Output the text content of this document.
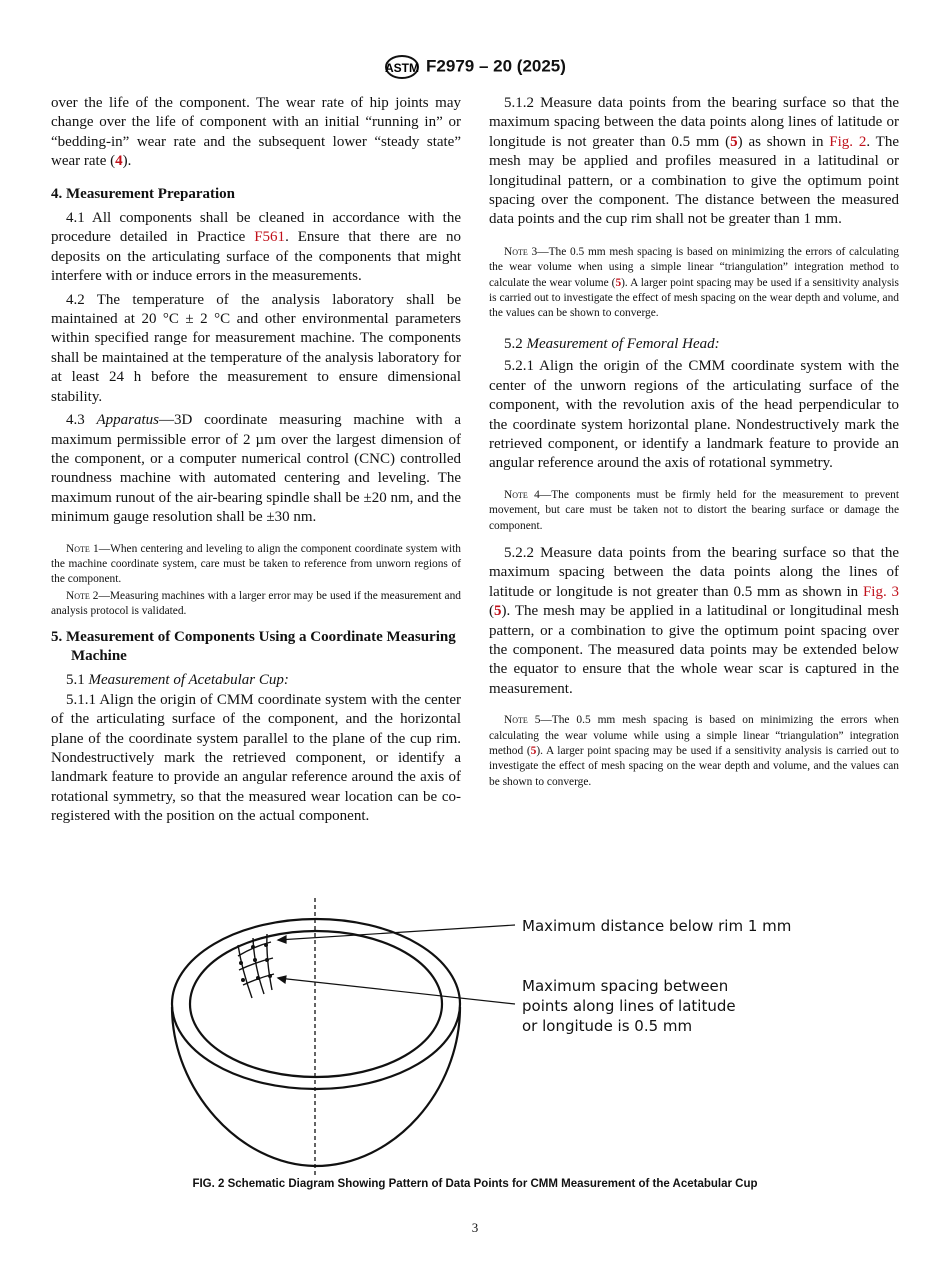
ASTM F2979 – 20 (2025)
over the life of the component. The wear rate of hip joints may change over the life of component with an initial “running in” or “bedding-in” wear rate and the subsequent lower “steady state” wear rate (4).
4. Measurement Preparation
4.1 All components shall be cleaned in accordance with the procedure detailed in Practice F561. Ensure that there are no deposits on the articulating surface of the components that might interfere with or induce errors in the measurements.
4.2 The temperature of the analysis laboratory shall be maintained at 20 °C ± 2 °C and other environmental parameters within specified range for measurement machine. The components shall be maintained at the temperature of the analysis laboratory for at least 24 h before the measurement to ensure dimensional stability.
4.3 Apparatus—3D coordinate measuring machine with a maximum permissible error of 2 µm over the largest dimension of the component, or a computer numerical control (CNC) controlled roundness machine with automated centering and leveling. The maximum runout of the air-bearing spindle shall be ±20 nm, and the minimum gauge resolution shall be ±30 nm.
Note 1—When centering and leveling to align the component coordinate system with the machine coordinate system, care must be taken to reference from unworn regions of the component.
Note 2—Measuring machines with a larger error may be used if the measurement and analysis protocol is validated.
5. Measurement of Components Using a Coordinate Measuring Machine
5.1 Measurement of Acetabular Cup:
5.1.1 Align the origin of CMM coordinate system with the center of the articulating surface of the component, and the horizontal plane of the coordinate system parallel to the plane of the cup rim. Nondestructively mark the retrieved component, or identify a landmark feature to provide an angular reference around the axis of rotational symmetry, so that the measured wear location can be co-registered with the position on the actual component.
5.1.2 Measure data points from the bearing surface so that the maximum spacing between the data points along lines of latitude or longitude is not greater than 0.5 mm (5) as shown in Fig. 2. The mesh may be applied and profiles measured in a latitudinal or longitudinal pattern, or a combination to give the optimum point spacing over the component. The distance between the measured data points and the cup rim shall not be greater than 1 mm.
Note 3—The 0.5 mm mesh spacing is based on minimizing the errors of calculating the wear volume when using a simple linear “triangulation” integration method to calculate the wear volume (5). A larger point spacing may be used if a sensitivity analysis is carried out to investigate the effect of mesh spacing on the wear depth and volume, and the values can be shown to converge.
5.2 Measurement of Femoral Head:
5.2.1 Align the origin of the CMM coordinate system with the center of the unworn regions of the articulating surface of the component, with the revolution axis of the head perpendicular to the coordinate system horizontal plane. Nondestructively mark the retrieved component, or identify a landmark feature to provide an angular reference around the axis of rotational symmetry.
Note 4—The components must be firmly held for the measurement to prevent movement, but care must be taken not to distort the bearing surface or damage the component.
5.2.2 Measure data points from the bearing surface so that the maximum spacing between the data points along the lines of latitude or longitude is not greater than 0.5 mm as shown in Fig. 3 (5). The mesh may be applied in a latitudinal or longitudinal mesh pattern, or a combination to give the optimum point spacing over the component. The measured data points may be extended below the equator to ensure that the whole wear scar is captured in the measurement.
Note 5—The 0.5 mm mesh spacing is based on minimizing the errors when calculating the wear volume while using a simple linear “triangulation” integration method (5). A larger point spacing may be used if a sensitivity analysis is carried out to investigate the effect of mesh spacing on the wear depth and volume, and the values can be shown to converge.
Maximum distance below rim 1 mm
Maximum spacing between
points along lines of latitude
or longitude is 0.5 mm
FIG. 2 Schematic Diagram Showing Pattern of Data Points for CMM Measurement of the Acetabular Cup
3
